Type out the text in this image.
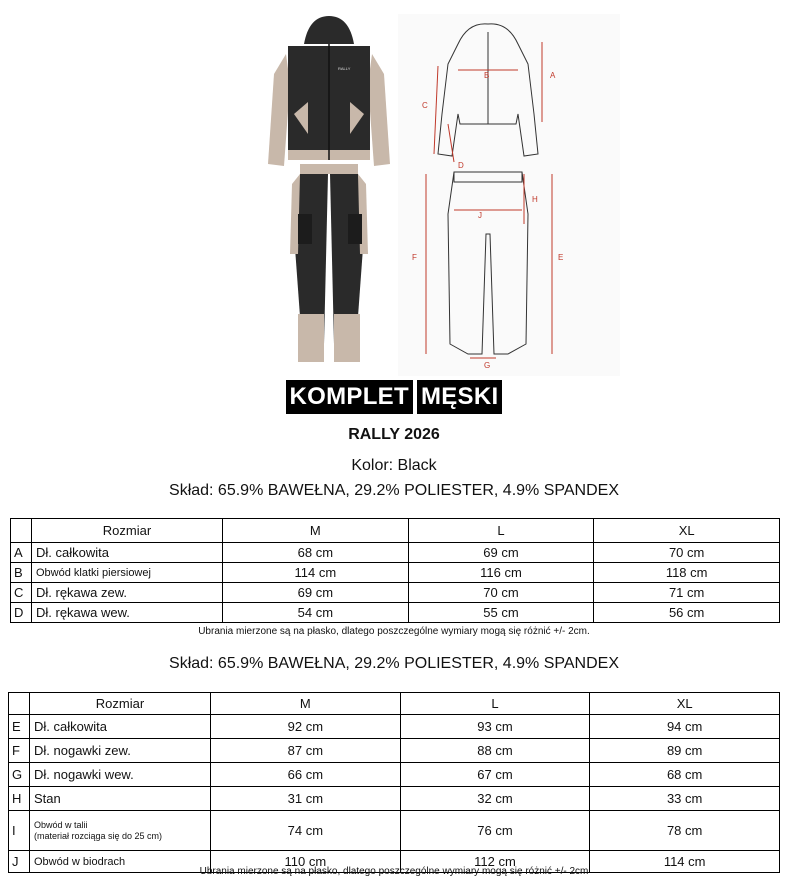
RALLY
A
B
C
D
E
F
G
H
J
KOMPLET MĘSKI
RALLY 2026
Kolor: Black
Skład: 65.9% BAWEŁNA, 29.2% POLIESTER, 4.9% SPANDEX
	Rozmiar	M	L	XL
A	Dł. całkowita	68 cm	69 cm	70 cm
B	Obwód klatki piersiowej	114 cm	116 cm	118 cm
C	Dł. rękawa zew.	69 cm	70 cm	71 cm
D	Dł. rękawa wew.	54 cm	55 cm	56 cm
Ubrania mierzone są na płasko, dlatego poszczególne wymiary mogą się różnić +/- 2cm.
Skład: 65.9% BAWEŁNA, 29.2% POLIESTER, 4.9% SPANDEX
	Rozmiar	M	L	XL
E	Dł. całkowita	92 cm	93 cm	94 cm
F	Dł. nogawki zew.	87 cm	88 cm	89 cm
G	Dł. nogawki wew.	66 cm	67 cm	68 cm
H	Stan	31 cm	32 cm	33 cm
I	Obwód w talii
(materiał rozciąga się do 25 cm)	74 cm	76 cm	78 cm
J	Obwód w biodrach	110 cm	112 cm	114 cm
Ubrania mierzone są na płasko, dlatego poszczególne wymiary mogą się różnić +/- 2cm
